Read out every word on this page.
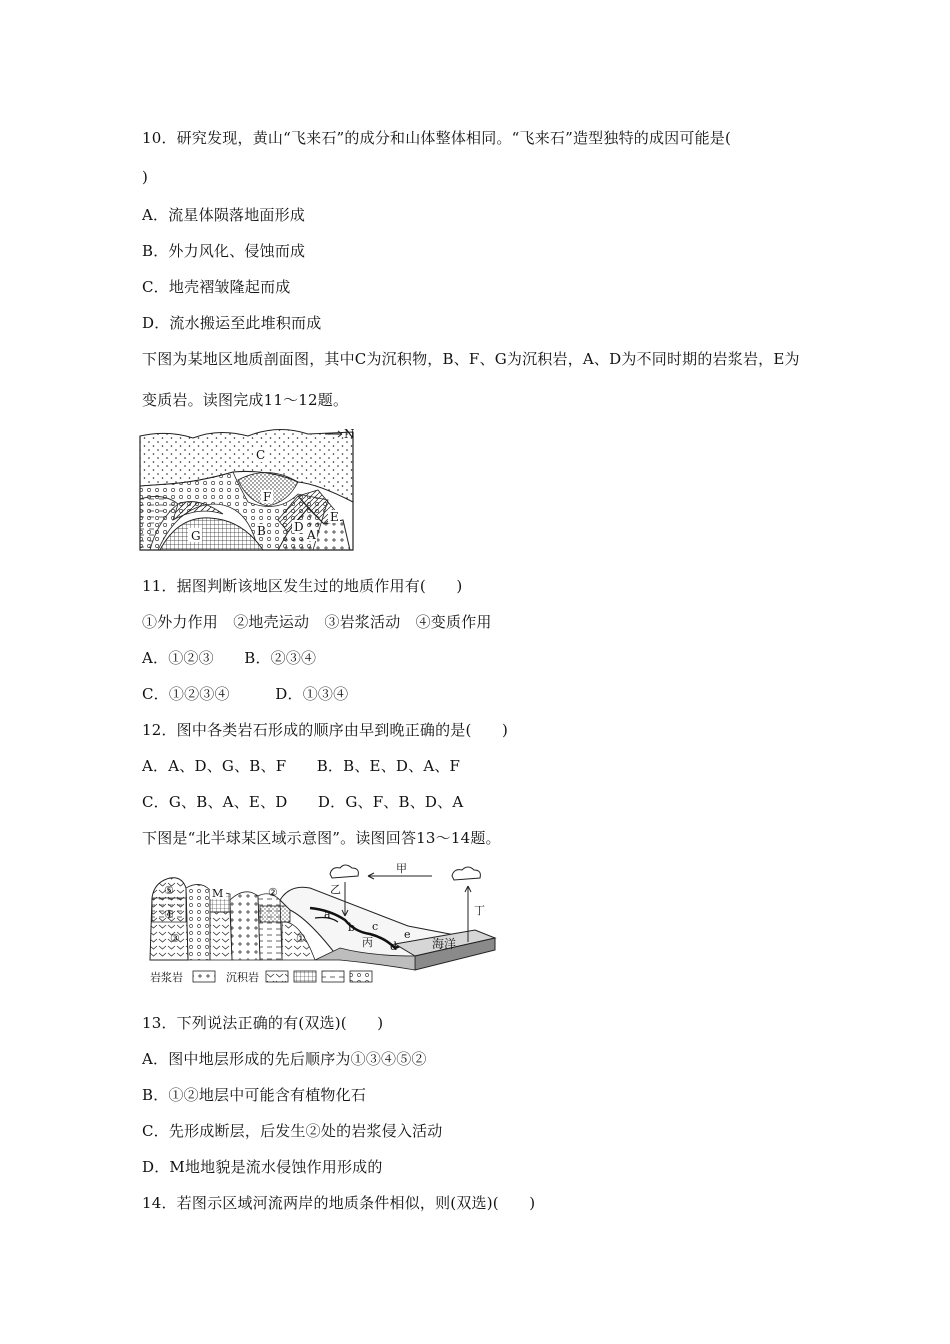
10．研究发现，黄山“飞来石”的成分和山体整体相同。“飞来石”造型独特的成因可能是(
)
A．流星体陨落地面形成
B．外力风化、侵蚀而成
C．地壳褶皱隆起而成
D．流水搬运至此堆积而成
下图为某地区地质剖面图，其中C为沉积物，B、F、G为沉积岩，A、D为不同时期的岩浆岩，E为
变质岩。读图完成11～12题。
N
C
F
G	B D
A
E
11．据图判断该地区发生过的地质作用有(　　)
①外力作用　②地壳运动　③岩浆活动　④变质作用
A．①②③　　B．②③④
C．①②③④　　　D．①③④
12．图中各类岩石形成的顺序由早到晚正确的是(　　)
A．A、D、G、B、F　　B．B、E、D、A、F
C．G、B、A、E、D　　D．G、F、B、D、A
下图是“北半球某区域示意图”。读图回答13～14题。
甲
乙
丁
丙	海洋
a
b c
d
e
M
⑤
④
③
②
①
岩浆岩	沉积岩
13．下列说法正确的有(双选)(　　)
A．图中地层形成的先后顺序为①③④⑤②
B．①②地层中可能含有植物化石
C．先形成断层，后发生②处的岩浆侵入活动
D．M地地貌是流水侵蚀作用形成的
14．若图示区域河流两岸的地质条件相似，则(双选)(　　)
